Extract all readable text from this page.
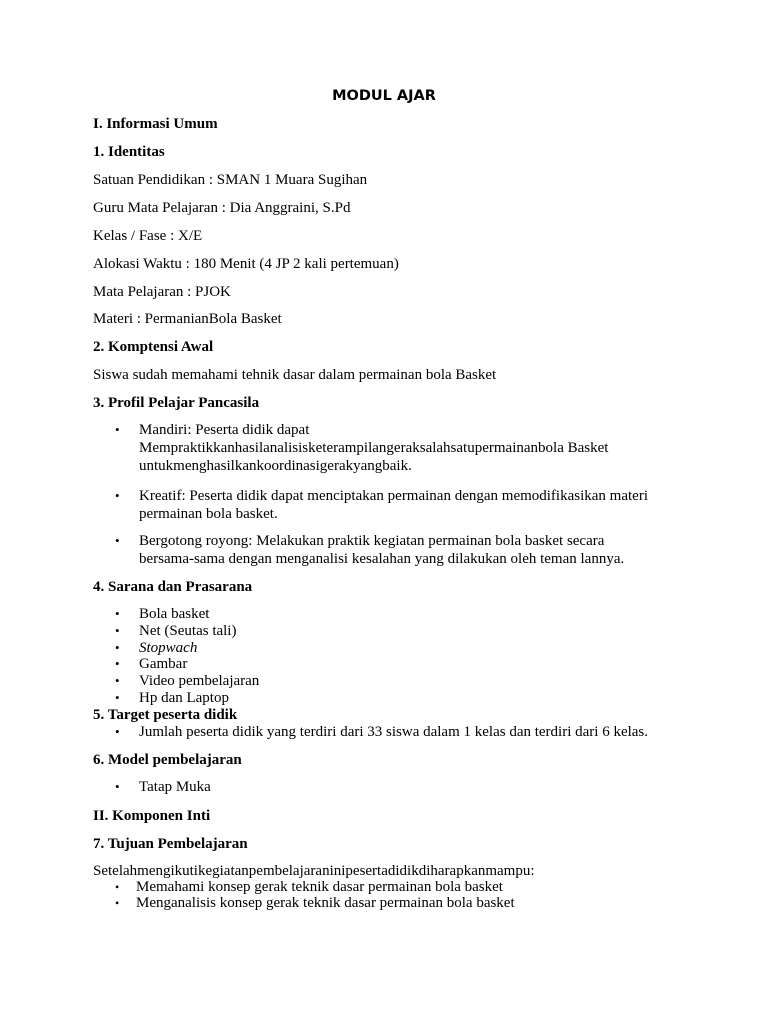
MODUL AJAR
I. Informasi Umum
1. Identitas
Satuan Pendidikan : SMAN 1 Muara Sugihan
Guru Mata Pelajaran : Dia Anggraini, S.Pd
Kelas / Fase : X/E
Alokasi Waktu : 180 Menit (4 JP 2 kali pertemuan)
Mata Pelajaran : PJOK
Materi : PermanianBola Basket
2. Komptensi Awal
Siswa sudah memahami tehnik dasar dalam permainan bola Basket
3. Profil Pelajar Pancasila
• Mandiri: Peserta didik dapat
Mempraktikkanhasilanalisisketerampilangeraksalahsatupermainanbola Basket
untukmenghasilkankoordinasigerakyangbaik.
• Kreatif: Peserta didik dapat menciptakan permainan dengan memodifikasikan materi
permainan bola basket.
• Bergotong royong: Melakukan praktik kegiatan permainan bola basket secara
bersama-sama dengan menganalisi kesalahan yang dilakukan oleh teman lannya.
4. Sarana dan Prasarana
• Bola basket
• Net (Seutas tali)
• Stopwach
• Gambar
• Video pembelajaran
• Hp dan Laptop
5. Target peserta didik
• Jumlah peserta didik yang terdiri dari 33 siswa dalam 1 kelas dan terdiri dari 6 kelas.
6. Model pembelajaran
• Tatap Muka
II. Komponen Inti
7. Tujuan Pembelajaran
Setelahmengikutikegiatanpembelajaraninipesertadidikdiharapkanmampu:
• Memahami konsep gerak teknik dasar permainan bola basket
• Menganalisis konsep gerak teknik dasar permainan bola basket
